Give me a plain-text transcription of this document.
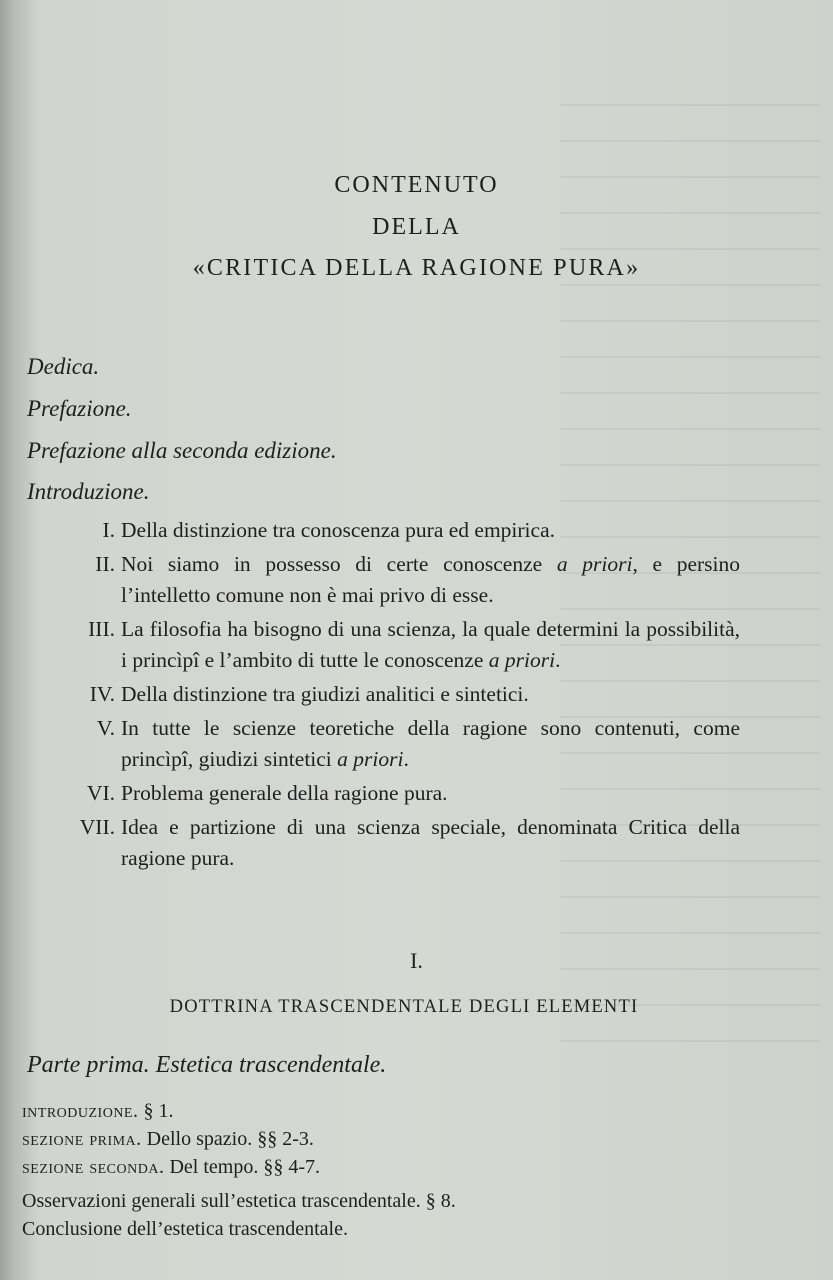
CONTENUTO
DELLA
«CRITICA DELLA RAGIONE PURA»
Dedica.
Prefazione.
Prefazione alla seconda edizione.
Introduzione.
I. Della distinzione tra conoscenza pura ed empirica.
II. Noi siamo in possesso di certe conoscenze a priori, e persino l’intelletto comune non è mai privo di esse.
III. La filosofia ha bisogno di una scienza, la quale determini la possibilità, i princìpî e l’ambito di tutte le conoscenze a priori.
IV. Della distinzione tra giudizi analitici e sintetici.
V. In tutte le scienze teoretiche della ragione sono contenuti, come princìpî, giudizi sintetici a priori.
VI. Problema generale della ragione pura.
VII. Idea e partizione di una scienza speciale, denominata Critica della ragione pura.
I.
DOTTRINA TRASCENDENTALE DEGLI ELEMENTI
Parte prima. Estetica trascendentale.
introduzione. § 1.
sezione prima. Dello spazio. §§ 2-3.
sezione seconda. Del tempo. §§ 4-7.
Osservazioni generali sull’estetica trascendentale. § 8.
Conclusione dell’estetica trascendentale.
